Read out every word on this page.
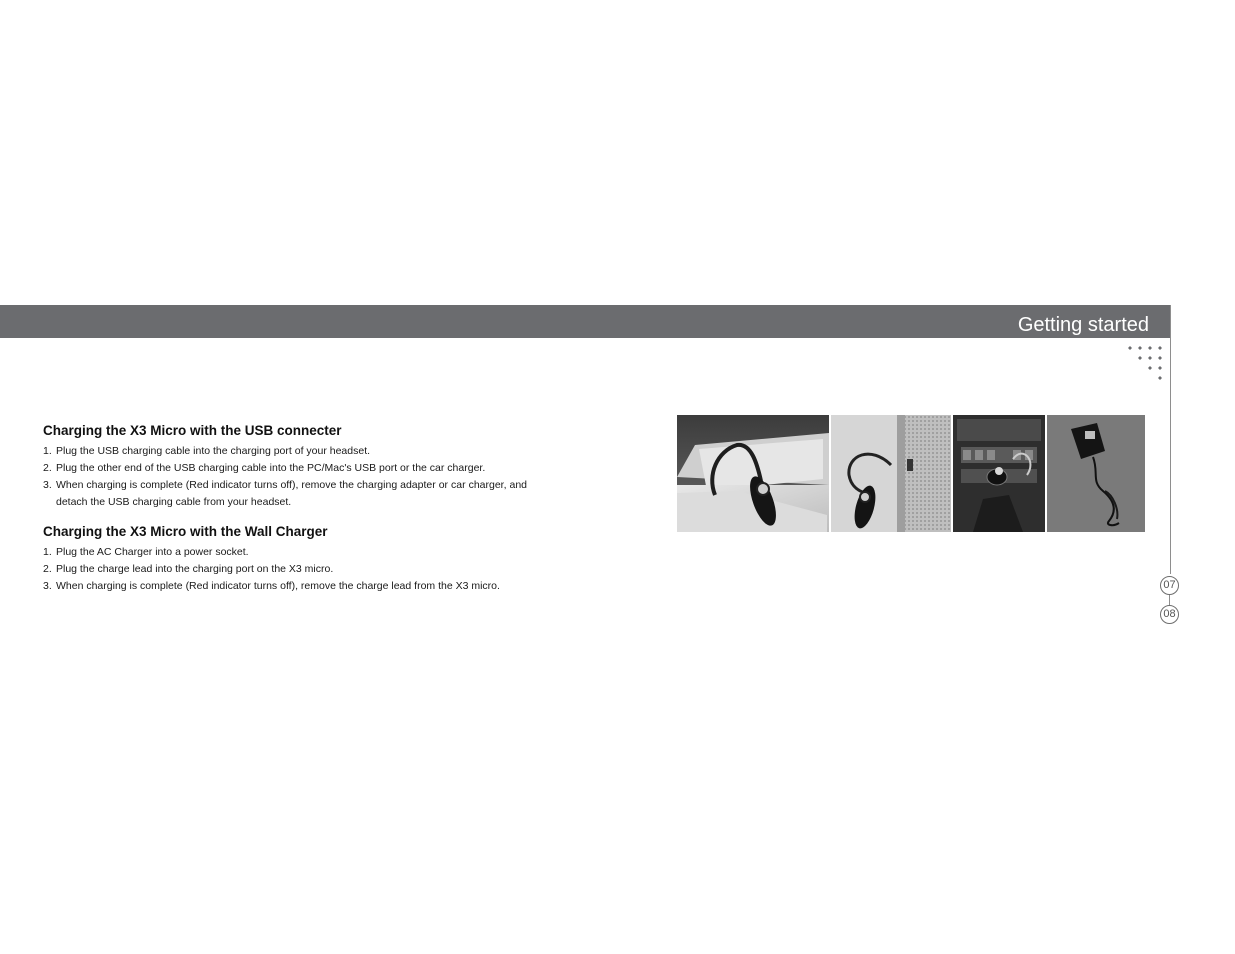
Getting started
07
08
Charging the X3 Micro with the USB connecter
1. Plug the USB charging cable into the charging port of your headset.
2. Plug the other end of the USB charging cable into the PC/Mac's USB port or the car charger.
3. When charging is complete (Red indicator turns off), remove the charging adapter or car charger, and detach the USB charging cable from your headset.
Charging the X3 Micro with the Wall Charger
1. Plug the AC Charger into a power socket.
2. Plug the charge lead into the charging port on the X3 micro.
3. When charging is complete (Red indicator turns off), remove the charge lead from the X3 micro.
